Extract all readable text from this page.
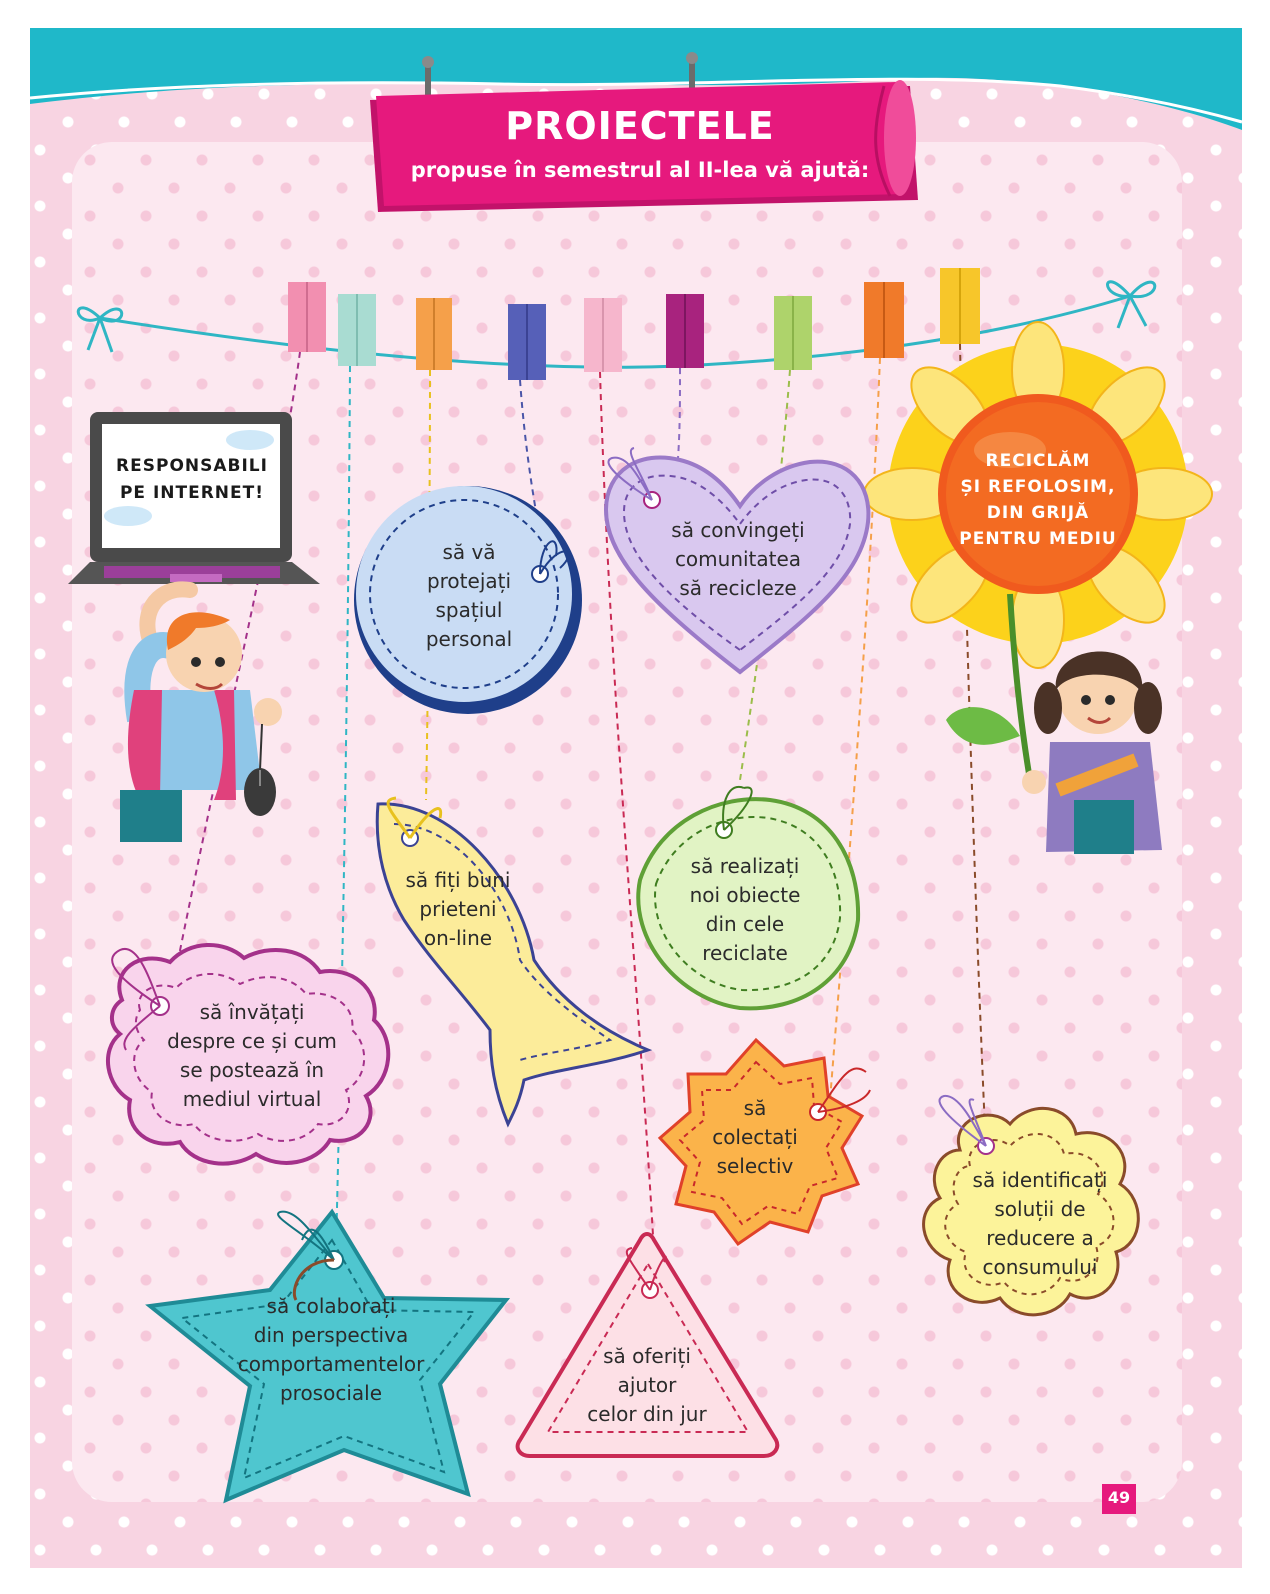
PROIECTELE
propuse în semestrul al II-lea vă ajută:
RESPONSABILI
PE INTERNET!
RECICLĂM
ȘI REFOLOSIM,
DIN GRIJĂ
PENTRU MEDIU
să vă
protejați
spațiul
personal
să convingeți
comunitatea
să recicleze
să fiți buni
prieteni
on-line
să realizați
noi obiecte
din cele
reciclate
să învățați
despre ce și cum
se postează în
mediul virtual	să
colectați
selectiv
să identificați
soluții de
reducere a
consumului
să colaborați
din perspectiva
comportamentelor
prosociale
să oferiți
ajutor
celor din jur
49
